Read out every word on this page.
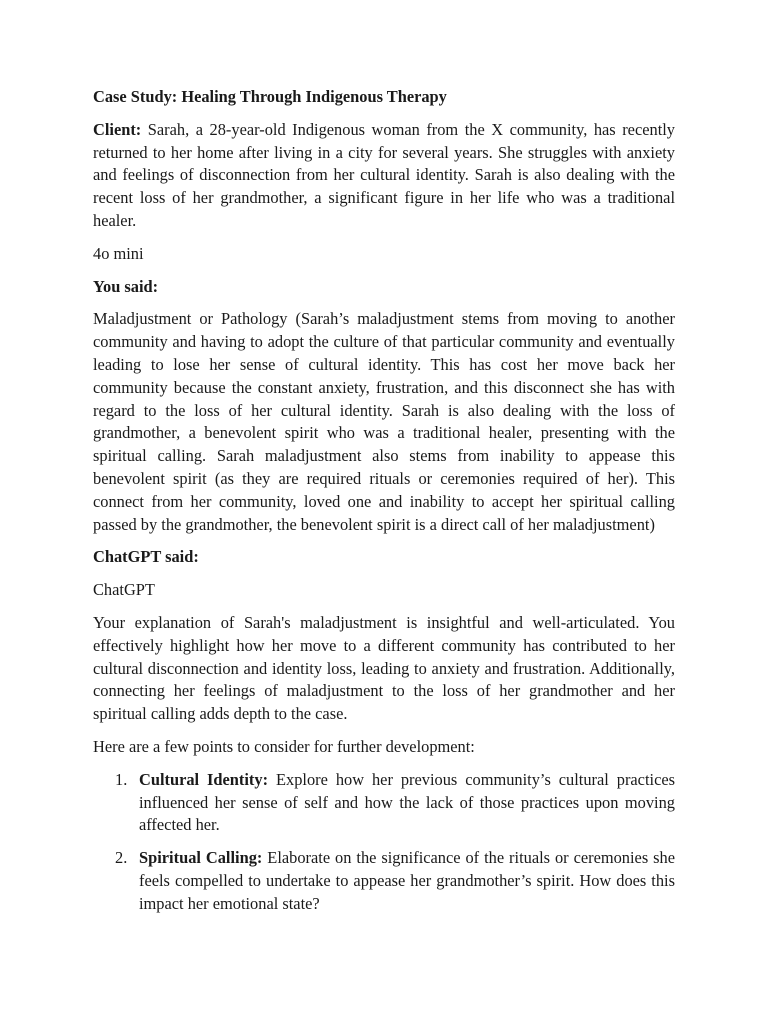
Case Study: Healing Through Indigenous Therapy

Client: Sarah, a 28-year-old Indigenous woman from the X community, has recently returned to her home after living in a city for several years. She struggles with anxiety and feelings of disconnection from her cultural identity. Sarah is also dealing with the recent loss of her grandmother, a significant figure in her life who was a traditional healer.

4o mini

You said:

Maladjustment or Pathology (Sarah’s maladjustment stems from moving to another community and having to adopt the culture of that particular community and eventually leading to lose her sense of cultural identity. This has cost her move back her community because the constant anxiety, frustration, and this disconnect she has with regard to the loss of her cultural identity. Sarah is also dealing with the loss of grandmother, a benevolent spirit who was a traditional healer, presenting with the spiritual calling. Sarah maladjustment also stems from inability to appease this benevolent spirit (as they are required rituals or ceremonies required of her). This connect from her community, loved one and inability to accept her spiritual calling passed by the grandmother, the benevolent spirit is a direct call of her maladjustment)

ChatGPT said:

ChatGPT

Your explanation of Sarah's maladjustment is insightful and well-articulated. You effectively highlight how her move to a different community has contributed to her cultural disconnection and identity loss, leading to anxiety and frustration. Additionally, connecting her feelings of maladjustment to the loss of her grandmother and her spiritual calling adds depth to the case.

Here are a few points to consider for further development:

1. Cultural Identity: Explore how her previous community’s cultural practices influenced her sense of self and how the lack of those practices upon moving affected her.
2. Spiritual Calling: Elaborate on the significance of the rituals or ceremonies she feels compelled to undertake to appease her grandmother’s spirit. How does this impact her emotional state?
